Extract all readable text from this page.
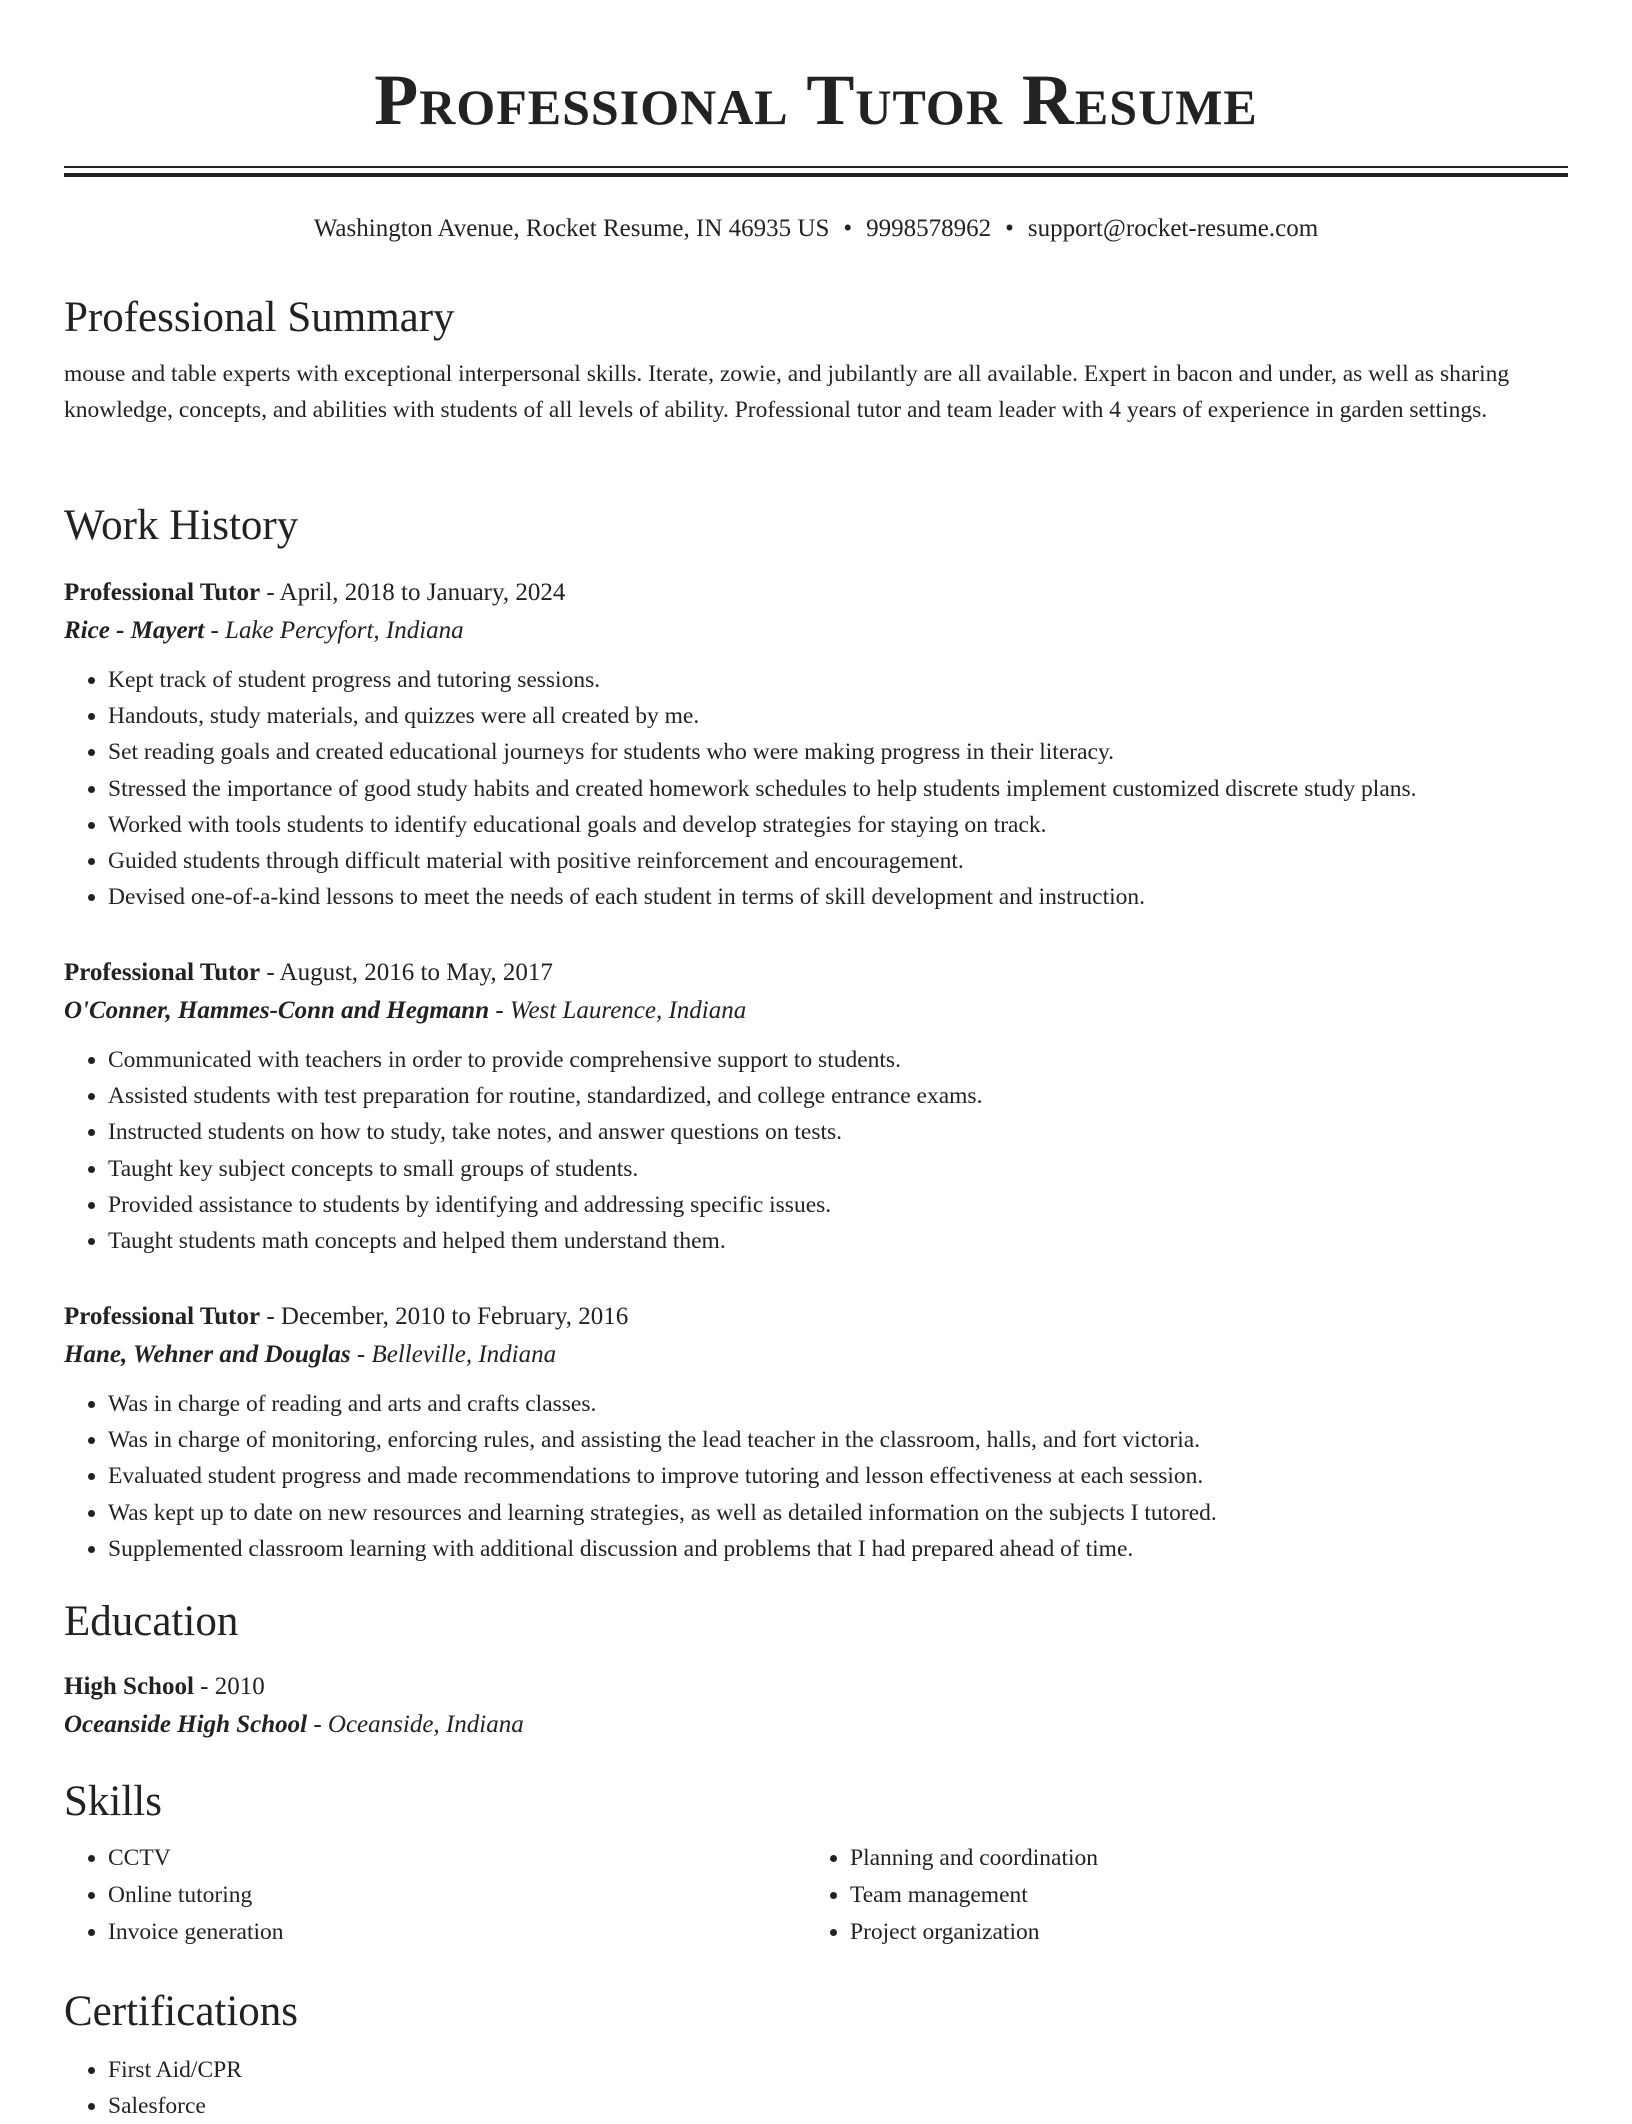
Professional Tutor Resume
Washington Avenue, Rocket Resume, IN 46935 US • 9998578962 • support@rocket-resume.com
Professional Summary

mouse and table experts with exceptional interpersonal skills. Iterate, zowie, and jubilantly are all available. Expert in bacon and under, as well as sharing knowledge, concepts, and abilities with students of all levels of ability. Professional tutor and team leader with 4 years of experience in garden settings.

Work History
Professional Tutor - April, 2018 to January, 2024
Rice - Mayert - Lake Percyfort, Indiana
• Kept track of student progress and tutoring sessions.
• Handouts, study materials, and quizzes were all created by me.
• Set reading goals and created educational journeys for students who were making progress in their literacy.
• Stressed the importance of good study habits and created homework schedules to help students implement customized discrete study plans.
• Worked with tools students to identify educational goals and develop strategies for staying on track.
• Guided students through difficult material with positive reinforcement and encouragement.
• Devised one-of-a-kind lessons to meet the needs of each student in terms of skill development and instruction.
Professional Tutor - August, 2016 to May, 2017
O'Conner, Hammes-Conn and Hegmann - West Laurence, Indiana
• Communicated with teachers in order to provide comprehensive support to students.
• Assisted students with test preparation for routine, standardized, and college entrance exams.
• Instructed students on how to study, take notes, and answer questions on tests.
• Taught key subject concepts to small groups of students.
• Provided assistance to students by identifying and addressing specific issues.
• Taught students math concepts and helped them understand them.
Professional Tutor - December, 2010 to February, 2016
Hane, Wehner and Douglas - Belleville, Indiana
• Was in charge of reading and arts and crafts classes.
• Was in charge of monitoring, enforcing rules, and assisting the lead teacher in the classroom, halls, and fort victoria.
• Evaluated student progress and made recommendations to improve tutoring and lesson effectiveness at each session.
• Was kept up to date on new resources and learning strategies, as well as detailed information on the subjects I tutored.
• Supplemented classroom learning with additional discussion and problems that I had prepared ahead of time.
Education
High School - 2010
Oceanside High School - Oceanside, Indiana
Skills
• CCTV
• Online tutoring
• Invoice generation
• Planning and coordination
• Team management
• Project organization
Certifications
• First Aid/CPR
• Salesforce
